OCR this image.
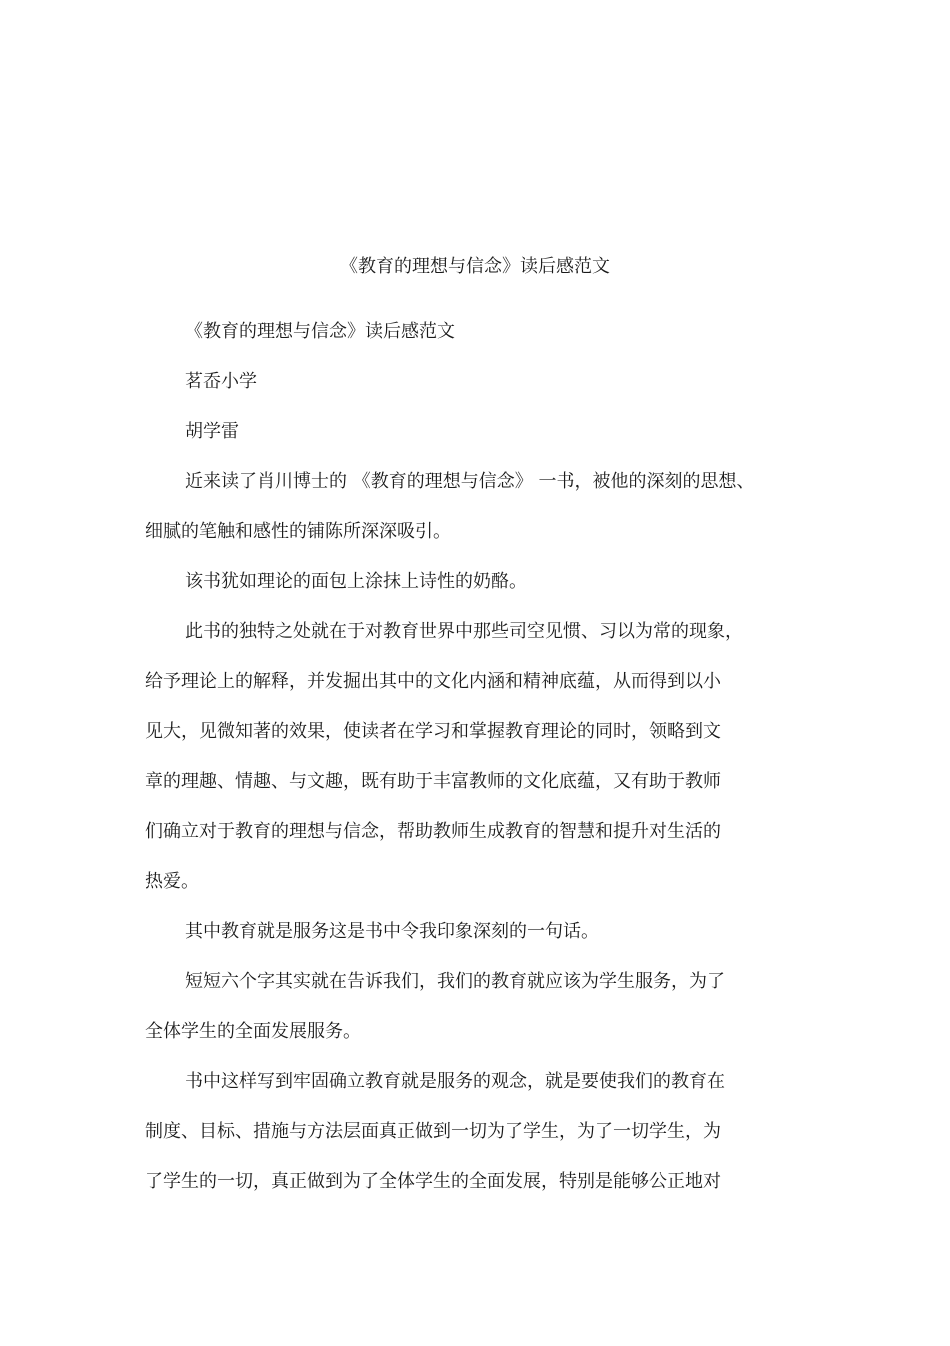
《教育的理想与信念》读后感范文
《教育的理想与信念》读后感范文
茗岙小学
胡学雷
近来读了肖川博士的 《教育的理想与信念》 一书，被他的深刻的思想、
细腻的笔触和感性的铺陈所深深吸引。
该书犹如理论的面包上涂抹上诗性的奶酪。
此书的独特之处就在于对教育世界中那些司空见惯、习以为常的现象，
给予理论上的解释，并发掘出其中的文化内涵和精神底蕴，从而得到以小
见大，见微知著的效果，使读者在学习和掌握教育理论的同时，领略到文
章的理趣、情趣、与文趣，既有助于丰富教师的文化底蕴，又有助于教师
们确立对于教育的理想与信念，帮助教师生成教育的智慧和提升对生活的
热爱。
其中教育就是服务这是书中令我印象深刻的一句话。
短短六个字其实就在告诉我们，我们的教育就应该为学生服务，为了
全体学生的全面发展服务。
书中这样写到牢固确立教育就是服务的观念，就是要使我们的教育在
制度、目标、措施与方法层面真正做到一切为了学生，为了一切学生，为
了学生的一切，真正做到为了全体学生的全面发展，特别是能够公正地对
